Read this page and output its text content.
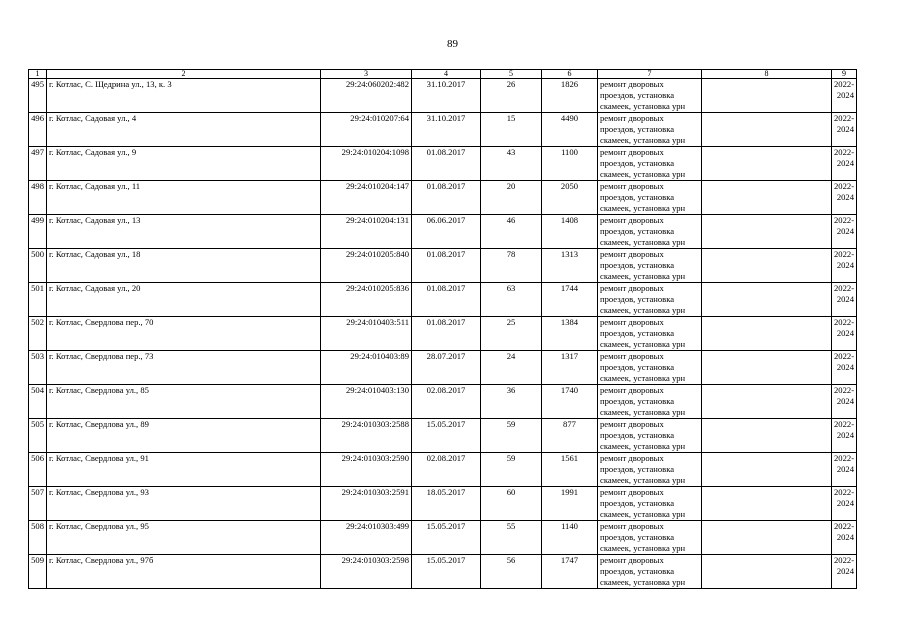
89
1	2	3	4	5	6	7	8	9
495	г. Котлас, С. Щедрина ул., 13, к. 3	29:24:060202:482	31.10.2017	26	1826	ремонт дворовых
проездов, установка
скамеек, установка урн		2022-
2024

496	г. Котлас, Садовая ул., 4	29:24:010207:64	31.10.2017	15	4490	ремонт дворовых
проездов, установка
скамеек, установка урн		2022-
2024

497	г. Котлас, Садовая ул., 9	29:24:010204:1098	01.08.2017	43	1100	ремонт дворовых
проездов, установка
скамеек, установка урн		2022-
2024

498	г. Котлас, Садовая ул., 11	29:24:010204:147	01.08.2017	20	2050	ремонт дворовых
проездов, установка
скамеек, установка урн		2022-
2024

499	г. Котлас, Садовая ул., 13	29:24:010204:131	06.06.2017	46	1408	ремонт дворовых
проездов, установка
скамеек, установка урн		2022-
2024

500	г. Котлас, Садовая ул., 18	29:24:010205:840	01.08.2017	78	1313	ремонт дворовых
проездов, установка
скамеек, установка урн		2022-
2024

501	г. Котлас, Садовая ул., 20	29:24:010205:836	01.08.2017	63	1744	ремонт дворовых
проездов, установка
скамеек, установка урн		2022-
2024

502	г. Котлас, Свердлова пер., 70	29:24:010403:511	01.08.2017	25	1384	ремонт дворовых
проездов, установка
скамеек, установка урн		2022-
2024

503	г. Котлас, Свердлова пер., 73	29:24:010403:89	28.07.2017	24	1317	ремонт дворовых
проездов, установка
скамеек, установка урн		2022-
2024

504	г. Котлас, Свердлова ул., 85	29:24:010403:130	02.08.2017	36	1740	ремонт дворовых
проездов, установка
скамеек, установка урн		2022-
2024

505	г. Котлас, Свердлова ул., 89	29:24:010303:2588	15.05.2017	59	877	ремонт дворовых
проездов, установка
скамеек, установка урн		2022-
2024

506	г. Котлас, Свердлова ул., 91	29:24:010303:2590	02.08.2017	59	1561	ремонт дворовых
проездов, установка
скамеек, установка урн		2022-
2024

507	г. Котлас, Свердлова ул., 93	29:24:010303:2591	18.05.2017	60	1991	ремонт дворовых
проездов, установка
скамеек, установка урн		2022-
2024

508	г. Котлас, Свердлова ул., 95	29:24:010303:499	15.05.2017	55	1140	ремонт дворовых
проездов, установка
скамеек, установка урн		2022-
2024

509	г. Котлас, Свердлова ул., 97б	29:24:010303:2598	15.05.2017	56	1747	ремонт дворовых
проездов, установка
скамеек, установка урн		2022-
2024
